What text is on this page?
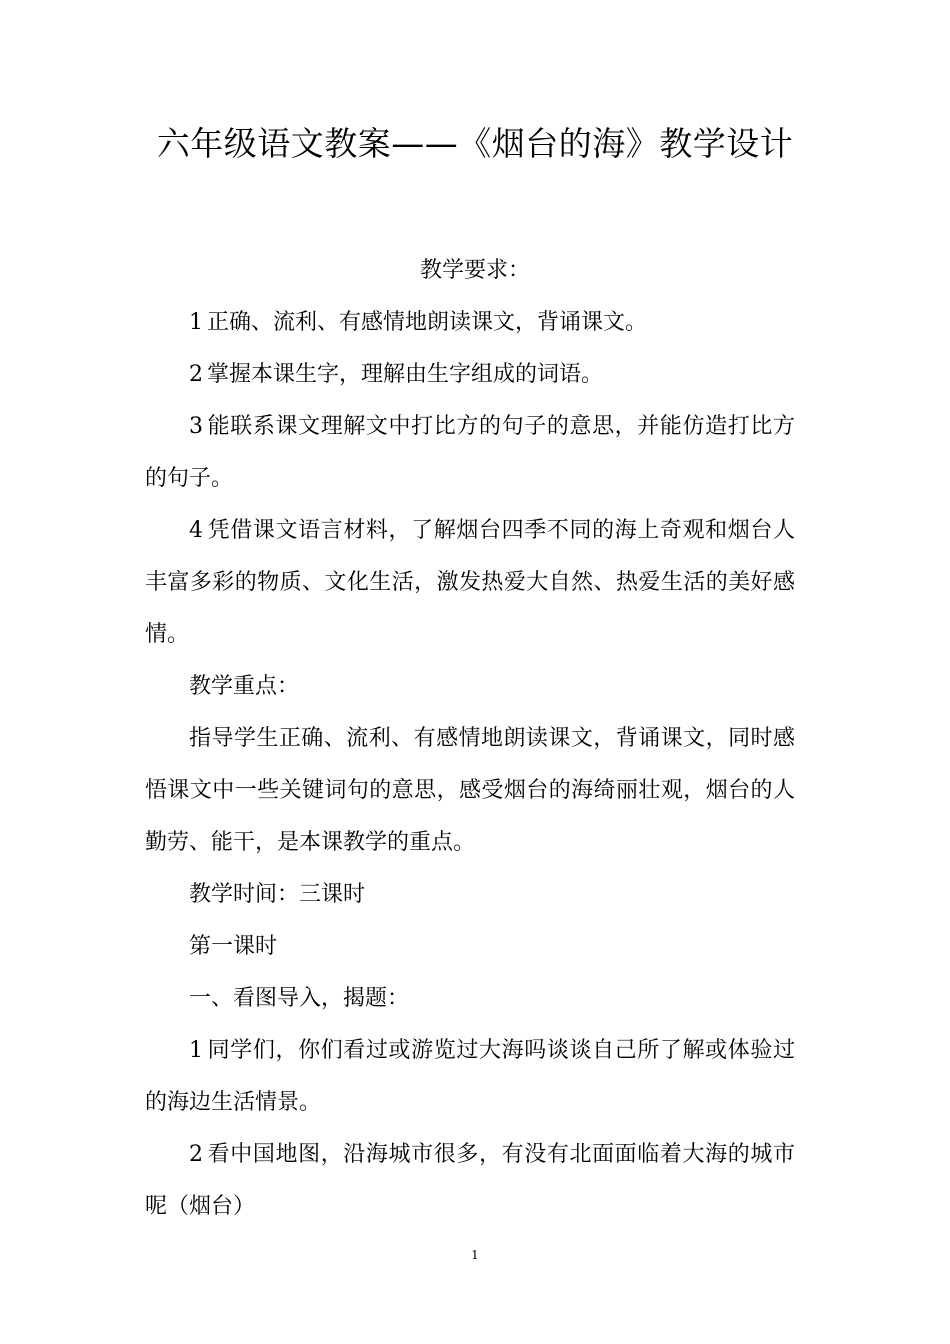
六年级语文教案——《烟台的海》教学设计

教学要求：

1 正确、流利、有感情地朗读课文，背诵课文。

2 掌握本课生字，理解由生字组成的词语。

3 能联系课文理解文中打比方的句子的意思，并能仿造打比方的句子。

4 凭借课文语言材料，了解烟台四季不同的海上奇观和烟台人丰富多彩的物质、文化生活，激发热爱大自然、热爱生活的美好感情。

教学重点：

指导学生正确、流利、有感情地朗读课文，背诵课文，同时感悟课文中一些关键词句的意思，感受烟台的海绮丽壮观，烟台的人勤劳、能干，是本课教学的重点。

教学时间：三课时

第一课时

一、看图导入，揭题：

1 同学们，你们看过或游览过大海吗谈谈自己所了解或体验过的海边生活情景。

2 看中国地图，沿海城市很多，有没有北面面临着大海的城市呢（烟台）

1
